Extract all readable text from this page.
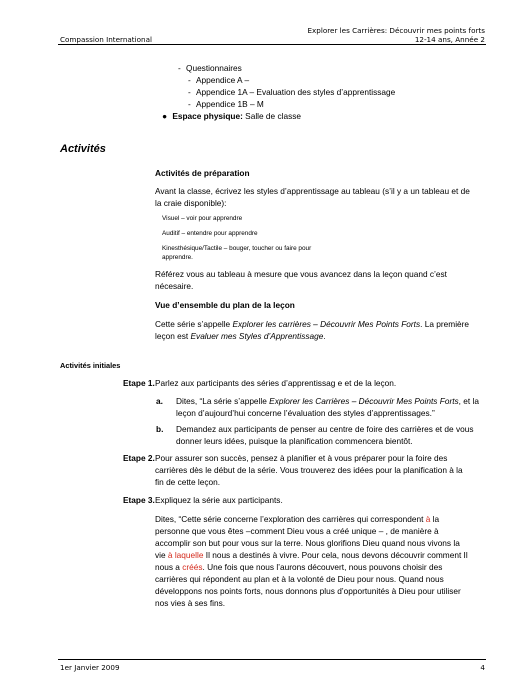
Explorer les Carrières: Découvrir mes points forts
12-14 ans, Année 2
Compassion International
- Questionnaires
- Appendice A –
- Appendice 1A – Evaluation des styles d’apprentissage
- Appendice 1B – M
● Espace physique: Salle de classe
Activités
Activités de préparation
Avant la classe, écrivez les styles d’apprentissage au tableau (s’il y a un tableau et de
la craie disponible):
Visuel – voir pour apprendre
Auditif – entendre pour apprendre
Kinesthésique/Tactile – bouger, toucher ou faire pour
apprendre.
Référez vous au tableau à mesure que vous avancez dans la leçon quand c’est
nécesaire.
Vue d’ensemble du plan de la leçon
Cette série s’appelle Explorer les carrières – Découvrir Mes Points Forts. La première
leçon est Evaluer mes Styles d’Apprentissage.
Activités initiales
Etape 1. Parlez aux participants des séries d’apprentissag e et de la leçon.
a. Dites, “La série s’appelle Explorer les Carrières – Découvrir Mes Points Forts, et la
leçon d’aujourd’hui concerne l’évaluation des styles d’apprentissages.”
b. Demandez aux participants de penser au centre de foire des carrières et de vous
donner leurs idées, puisque la planification commencera bientôt.
Etape 2. Pour assurer son succès, pensez à planifier et à vous préparer pour la foire des
carrières dès le début de la série. Vous trouverez des idées pour la planification à la
fin de cette leçon.
Etape 3. Expliquez la série aux participants.
Dites, “Cette série concerne l’exploration des carrières qui correspondent à la
personne que vous êtes –comment Dieu vous a créé unique – , de manière à
accomplir son but pour vous sur la terre. Nous glorifions Dieu quand nous vivons la
vie à laquelle Il nous a destinés à vivre. Pour cela, nous devons découvrir comment Il
nous a créés. Une fois que nous l’aurons découvert, nous pouvons choisir des
carrières qui répondent au plan et à la volonté de Dieu pour nous. Quand nous
développons nos points forts, nous donnons plus d’opportunités à Dieu pour utiliser
nos vies à ses fins.
1er Janvier 2009	4
